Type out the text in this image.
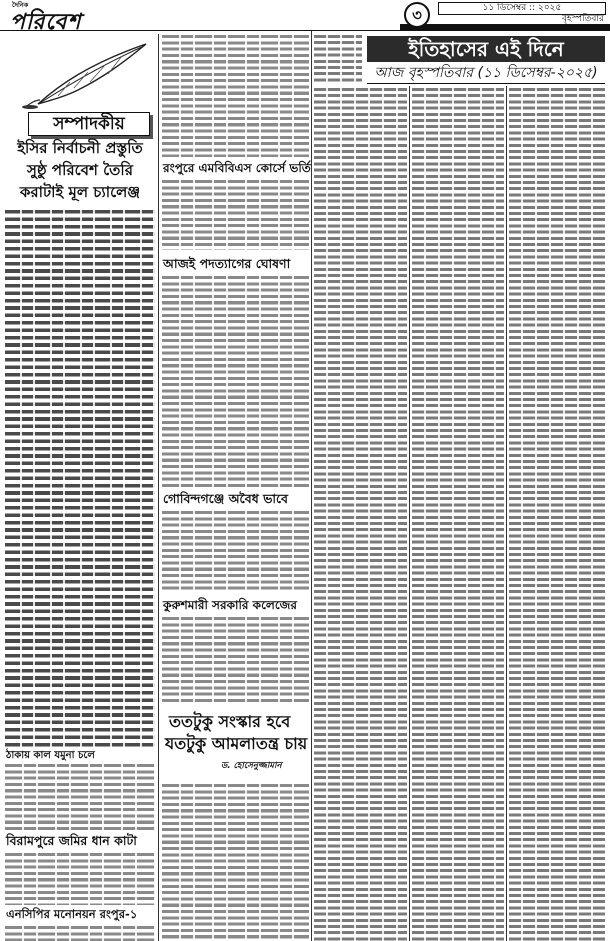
দৈনিক
পরিবেশ	৩	১১ ডিসেম্বর :: ২০২৫
বৃহস্পতিবার
সম্পাদকীয়
ইসির নির্বাচনী প্রস্তুতি
সুষ্ঠু পরিবেশ তৈরি
করাটাই মূল চ্যালেঞ্জ
ঠাকায় কাল যমুনা চলে
বিরামপুরে জমির ধান কাটা
এনসিপির মনোনয়ন রংপুর-১
রংপুরে এমবিবিএস কোর্সে ভর্তি
আজই পদত্যাগের ঘোষণা
গোবিন্দগঞ্জে অবৈধ ভাবে
কুরুশমারী সরকারি কলেজের
ততটুকু সংস্কার হবে
যতটুকু আমলাতন্ত্র চায়
ড. হোসেনুজ্জামান
ইতিহাসের এই দিনে
আজ বৃহস্পতিবার (১১ ডিসেম্বর-২০২৫)
